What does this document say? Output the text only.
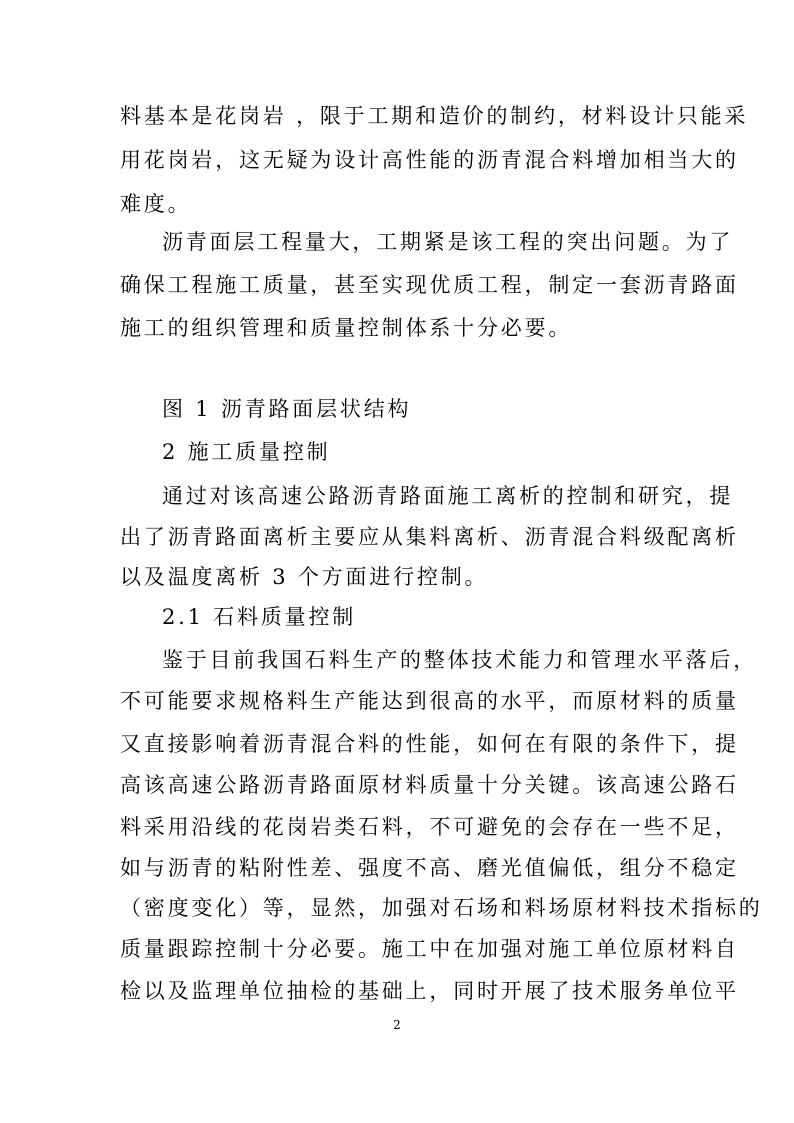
料基本是花岗岩 ，限于工期和造价的制约，材料设计只能采
用花岗岩，这无疑为设计高性能的沥青混合料增加相当大的
难度。
沥青面层工程量大，工期紧是该工程的突出问题。为了
确保工程施工质量，甚至实现优质工程，制定一套沥青路面
施工的组织管理和质量控制体系十分必要。
图 1 沥青路面层状结构
2 施工质量控制
通过对该高速公路沥青路面施工离析的控制和研究，提
出了沥青路面离析主要应从集料离析、沥青混合料级配离析
以及温度离析 3 个方面进行控制。
2.1 石料质量控制
鉴于目前我国石料生产的整体技术能力和管理水平落后，
不可能要求规格料生产能达到很高的水平，而原材料的质量
又直接影响着沥青混合料的性能，如何在有限的条件下，提
高该高速公路沥青路面原材料质量十分关键。该高速公路石
料采用沿线的花岗岩类石料，不可避免的会存在一些不足，
如与沥青的粘附性差、强度不高、磨光值偏低，组分不稳定
（密度变化）等，显然，加强对石场和料场原材料技术指标的
质量跟踪控制十分必要。施工中在加强对施工单位原材料自
检以及监理单位抽检的基础上，同时开展了技术服务单位平
2
